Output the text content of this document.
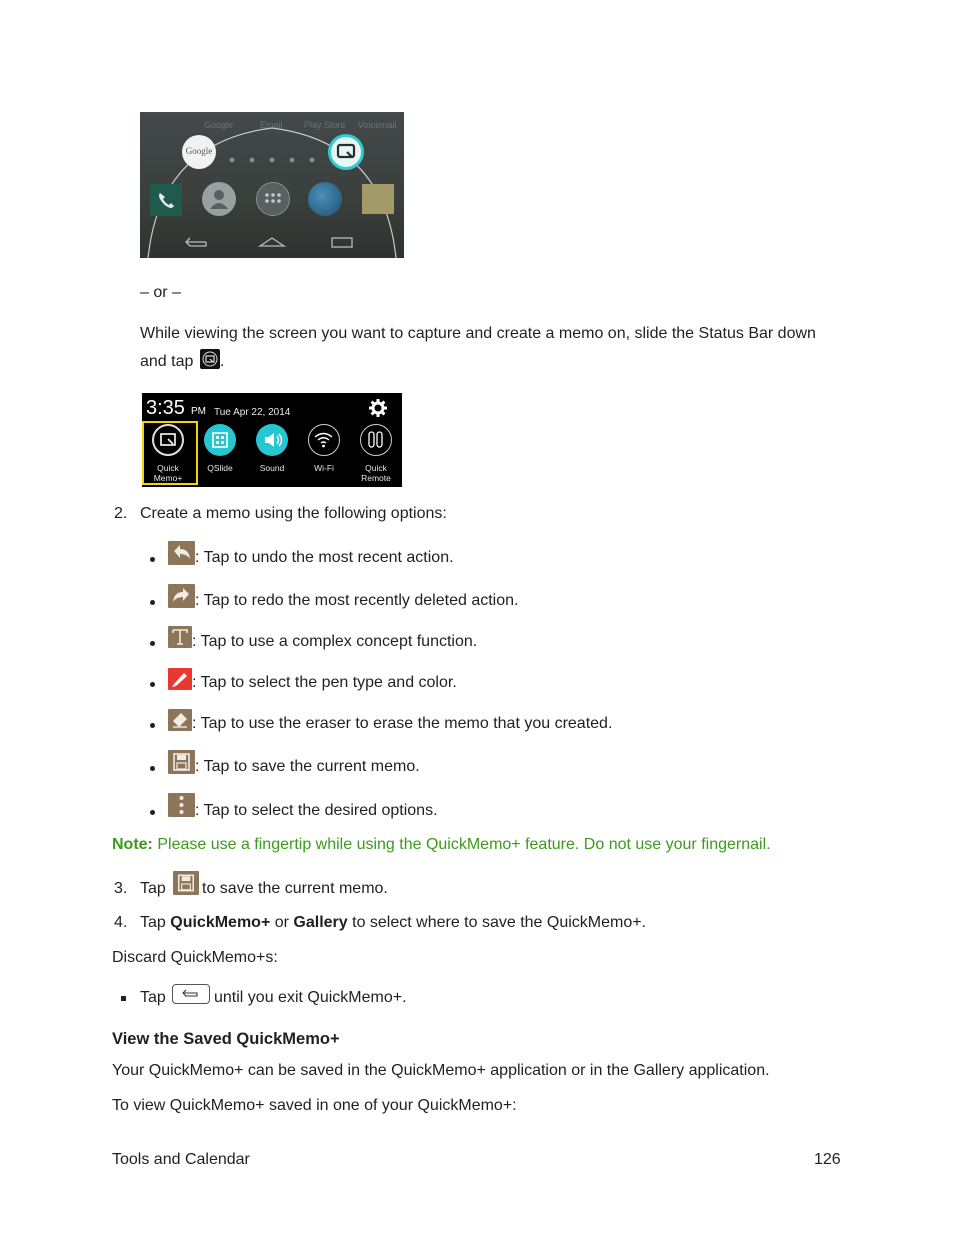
Google	Email Play Store Voicemail
Google
– or –
While viewing the screen you want to capture and create a memo on, slide the Status Bar down
and tap .
3:35 PM Tue Apr 22, 2014
Quick
Memo+
QSlide	Sound	Wi-Fi	Quick
Remote
2. Create a memo using the following options:
: Tap to undo the most recent action.
: Tap to redo the most recently deleted action.
: Tap to use a complex concept function.
: Tap to select the pen type and color.
: Tap to use the eraser to erase the memo that you created.
: Tap to save the current memo.
: Tap to select the desired options.
Note: Please use a fingertip while using the QuickMemo+ feature. Do not use your fingernail.
3. Tap to save the current memo.
4. Tap QuickMemo+ or Gallery to select where to save the QuickMemo+.
Discard QuickMemo+s:
Tap	until you exit QuickMemo+.
View the Saved QuickMemo+
Your QuickMemo+ can be saved in the QuickMemo+ application or in the Gallery application.
To view QuickMemo+ saved in one of your QuickMemo+:
Tools and Calendar	126
